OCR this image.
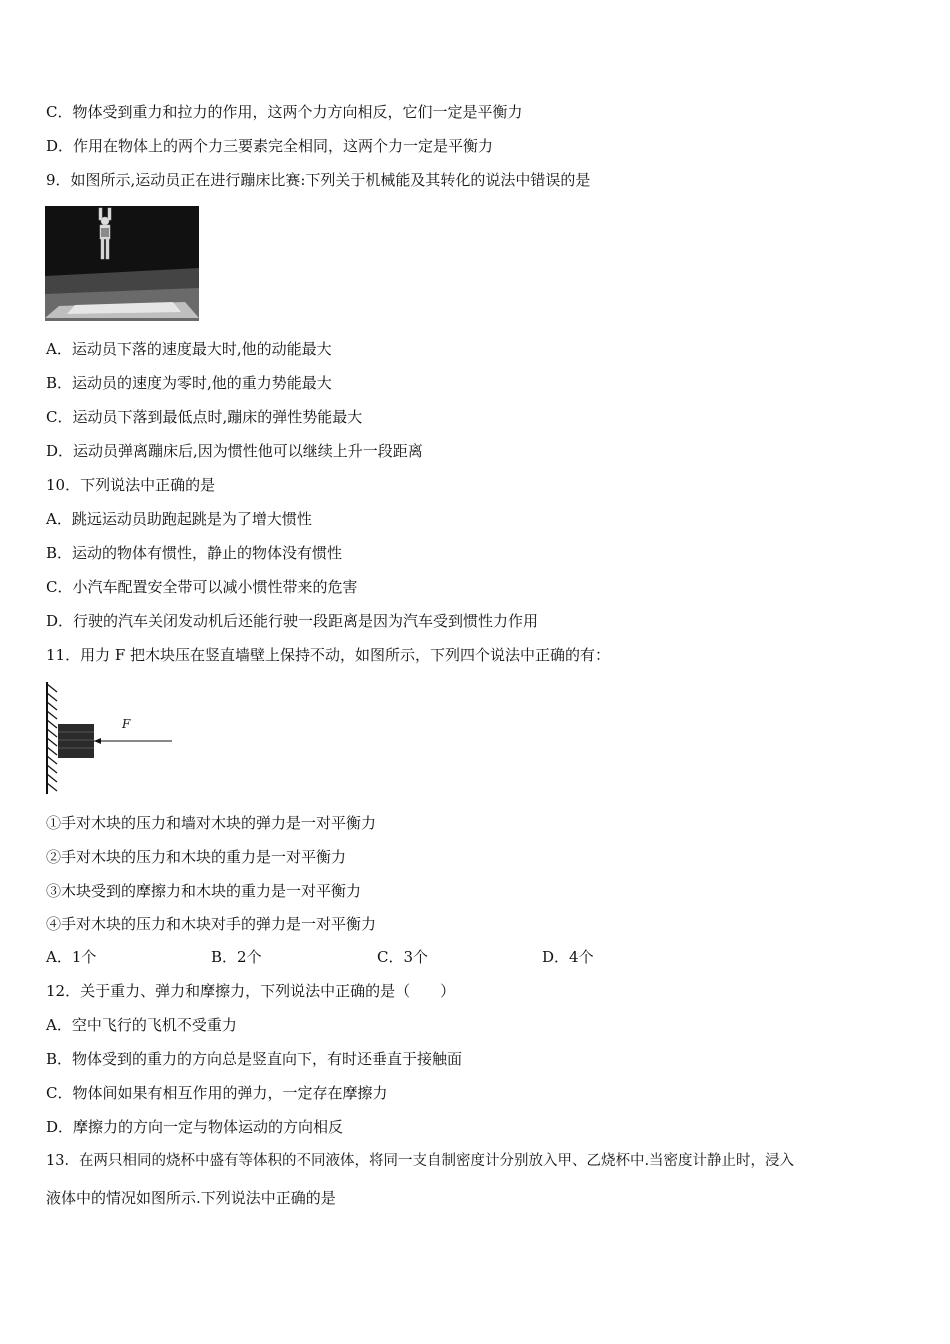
C．物体受到重力和拉力的作用，这两个力方向相反，它们一定是平衡力
D．作用在物体上的两个力三要素完全相同，这两个力一定是平衡力
9．如图所示,运动员正在进行蹦床比赛:下列关于机械能及其转化的说法中错误的是
A．运动员下落的速度最大时,他的动能最大
B．运动员的速度为零时,他的重力势能最大
C．运动员下落到最低点时,蹦床的弹性势能最大
D．运动员弹离蹦床后,因为惯性他可以继续上升一段距离
10．下列说法中正确的是
A．跳远运动员助跑起跳是为了增大惯性
B．运动的物体有惯性，静止的物体没有惯性
C．小汽车配置安全带可以减小惯性带来的危害
D．行驶的汽车关闭发动机后还能行驶一段距离是因为汽车受到惯性力作用
11．用力 F 把木块压在竖直墙壁上保持不动，如图所示，下列四个说法中正确的有：
F
①手对木块的压力和墙对木块的弹力是一对平衡力
②手对木块的压力和木块的重力是一对平衡力
③木块受到的摩擦力和木块的重力是一对平衡力
④手对木块的压力和木块对手的弹力是一对平衡力
A．1个	B．2个	C．3个	D．4个
12．关于重力、弹力和摩擦力，下列说法中正确的是（　　）
A．空中飞行的飞机不受重力
B．物体受到的重力的方向总是竖直向下，有时还垂直于接触面
C．物体间如果有相互作用的弹力，一定存在摩擦力
D．摩擦力的方向一定与物体运动的方向相反
13．在两只相同的烧杯中盛有等体积的不同液体，将同一支自制密度计分别放入甲、乙烧杯中.当密度计静止时，浸入
液体中的情况如图所示.下列说法中正确的是
